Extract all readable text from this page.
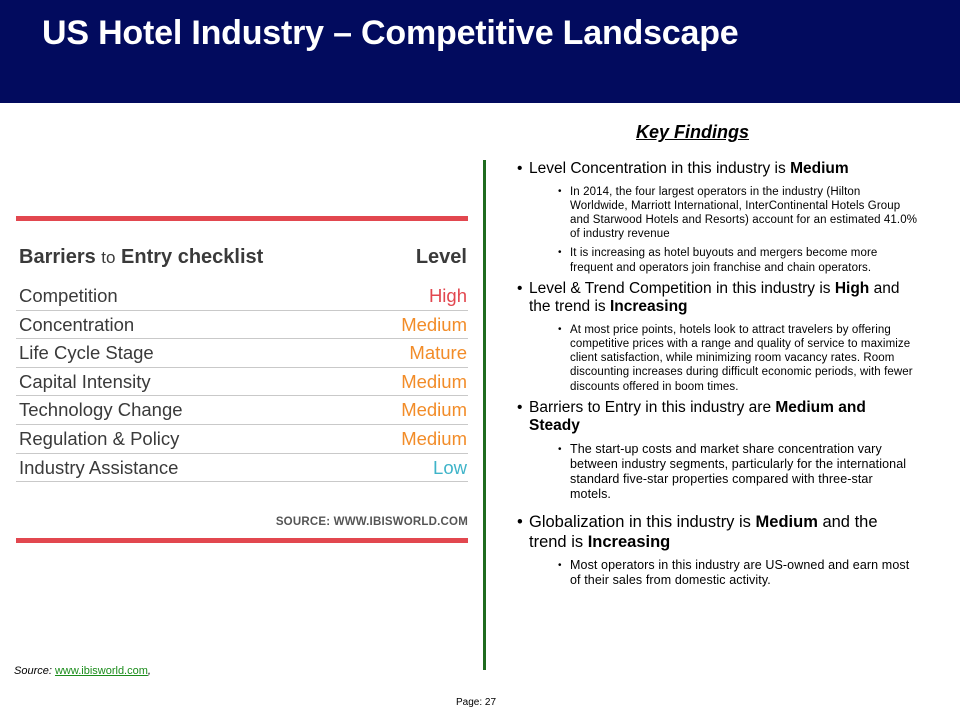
US Hotel Industry – Competitive Landscape
Barriers to Entry checklist	Level
Competition	High
Concentration	Medium
Life Cycle Stage	Mature
Capital Intensity	Medium
Technology Change	Medium
Regulation & Policy	Medium
Industry Assistance	Low
SOURCE: WWW.IBISWORLD.COM
Source: www.ibisworld.com,
Key Findings
• Level Concentration in this industry is Medium
• In 2014, the four largest operators in the industry (Hilton Worldwide, Marriott International, InterContinental Hotels Group and Starwood Hotels and Resorts) account for an estimated 41.0% of industry revenue
• It is increasing as hotel buyouts and mergers become more frequent and operators join franchise and chain operators.
• Level & Trend Competition in this industry is High and the trend is Increasing
• At most price points, hotels look to attract travelers by offering competitive prices with a range and quality of service to maximize client satisfaction, while minimizing room vacancy rates. Room discounting increases during difficult economic periods, with fewer discounts offered in boom times.
• Barriers to Entry in this industry are Medium and Steady
• The start-up costs and market share concentration vary between industry segments, particularly for the international standard five-star properties compared with three-star motels.
• Globalization in this industry is Medium and the trend is Increasing
• Most operators in this industry are US-owned and earn most of their sales from domestic activity.
Page: 27
